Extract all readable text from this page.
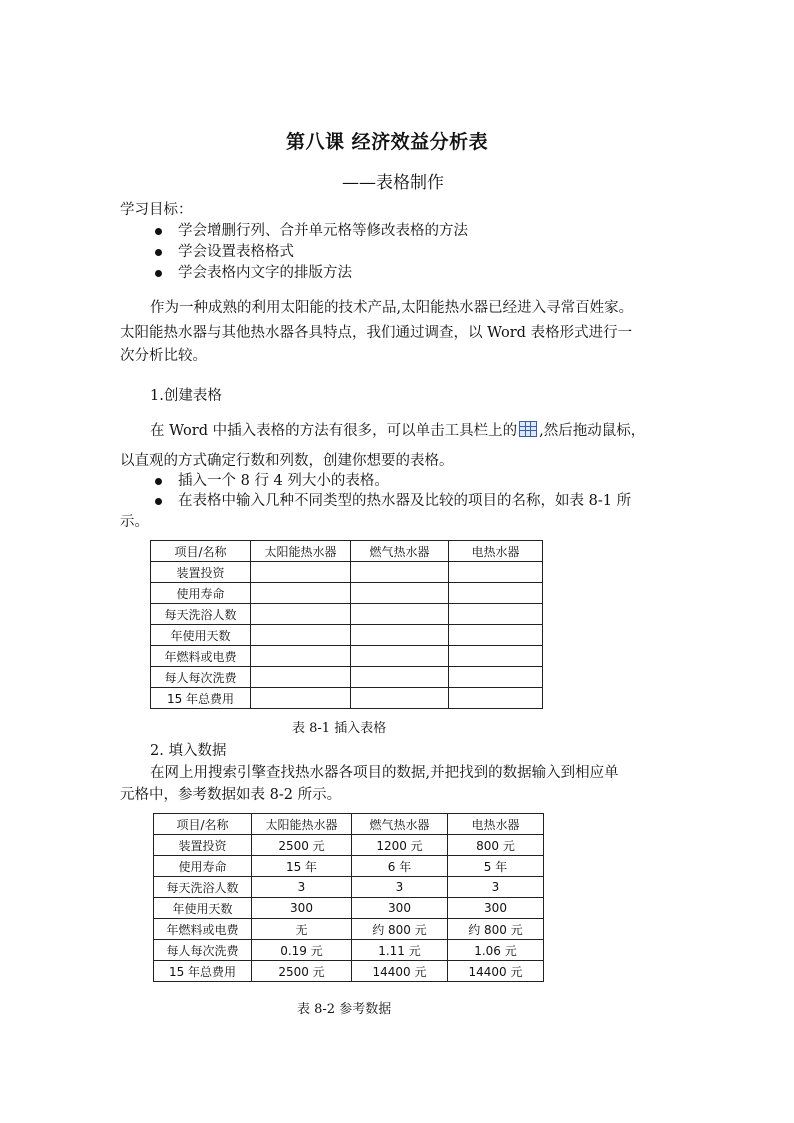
第八课 经济效益分析表
——表格制作
学习目标：
学会增删行列、合并单元格等修改表格的方法
学会设置表格格式
学会表格内文字的排版方法
作为一种成熟的利用太阳能的技术产品,太阳能热水器已经进入寻常百姓家。
太阳能热水器与其他热水器各具特点，我们通过调查，以 Word 表格形式进行一
次分析比较。
1.创建表格
在 Word 中插入表格的方法有很多，可以单击工具栏上的 ,然后拖动鼠标，
以直观的方式确定行数和列数，创建你想要的表格。
插入一个 8 行 4 列大小的表格。
在表格中输入几种不同类型的热水器及比较的项目的名称，如表 8-1 所
示。
项目/名称	太阳能热水器	燃气热水器	电热水器
装置投资			
使用寿命			
每天洗浴人数			
年使用天数			
年燃料或电费			
每人每次洗费			
15 年总费用			
表 8-1 插入表格
2. 填入数据
在网上用搜索引擎查找热水器各项目的数据,并把找到的数据输入到相应单
元格中，参考数据如表 8-2 所示。
项目/名称	太阳能热水器	燃气热水器	电热水器
装置投资	2500 元	1200 元	800 元
使用寿命	15 年	6 年	5 年
每天洗浴人数	3	3	3
年使用天数	300	300	300
年燃料或电费	无	约 800 元	约 800 元
每人每次洗费	0.19 元	1.11 元	1.06 元
15 年总费用	2500 元	14400 元	14400 元
表 8-2 参考数据
